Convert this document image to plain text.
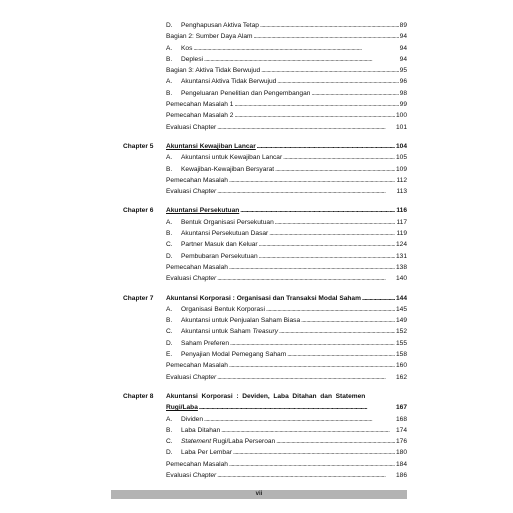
D.	Penghapusan Aktiva Tetap . . .	89
Bagian 2: Sumber Daya Alam . . .	94
A.	Kos . . .	94
B.	Deplesi . . .	94
Bagian 3: Aktiva Tidak Berwujud . . .	95
A.	Akuntansi Aktiva Tidak Berwujud . . .	96
B.	Pengeluaran Penelitian dan Pengembangan . . .	98
Pemecahan Masalah 1 . . .	99
Pemecahan Masalah 2 . . .	100
Evaluasi Chapter . . .	101
Chapter 5 Akuntansi Kewajiban Lancar . . .	104
A.	Akuntansi untuk Kewajiban Lancar . . .	105
B.	Kewajiban-Kewajiban Bersyarat . . .	109
Pemecahan Masalah . . .	112
Evaluasi Chapter . . .	113
Chapter 6 Akuntansi Persekutuan . . .	116
A.	Bentuk Organisasi Persekutuan . . .	117
B.	Akuntansi Persekutuan Dasar . . .	119
C.	Partner Masuk dan Keluar . . .	124
D.	Pembubaran Persekutuan . . .	131
Pemecahan Masalah . . .	138
Evaluasi Chapter . . .	140
Chapter 7 Akuntansi Korporasi : Organisasi dan Transaksi Modal Saham . . .	144
A.	Organisasi Bentuk Korporasi . . .	145
B.	Akuntansi untuk Penjualan Saham Biasa . . .	149
C.	Akuntansi untuk Saham Treasury . . .	152
D.	Saham Preferen . . .	155
E.	Penyajian Modal Pemegang Saham . . .	158
Pemecahan Masalah . . .	160
Evaluasi Chapter . . .	162
Chapter 8 Akuntansi  Korporasi  :  Deviden,  Laba  Ditahan  dan  Statemen
Rugi/Laba . . .	167
A.	Dividen . . .	168
B.	Laba Ditahan . . .	174
C.	Statement Rugi/Laba Perseroan . . .	176
D.	Laba Per Lembar . . .	180
Pemecahan Masalah . . .	184
Evaluasi Chapter . . .	186
vii
